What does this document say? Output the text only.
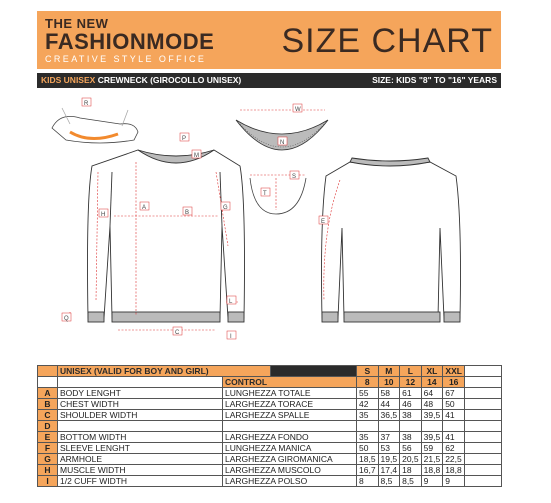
THE NEW
FASHIONMODE
CREATIVE STYLE OFFICE SIZE CHART
KIDS UNISEX CREWNECK (GIROCOLLO UNISEX)	SIZE: KIDS "8" TO "16" YEARS
R
P
M
W
N
S
T
A
B
G
H
E
L
I
Q
C
	UNISEX (VALID FOR BOY AND GIRL)			S	M	L	XL	XXL	
		CONTROL		8	10	12	14	16	
A	BODY LENGHT	LUNGHEZZA TOTALE		55	58	61	64	67	
B	CHEST WIDTH	LARGHEZZA TORACE		42	44	46	48	50	
C	SHOULDER WIDTH	LARGHEZZA SPALLE		35	36,5	38	39,5	41	
D									
E	BOTTOM WIDTH	LARGHEZZA FONDO		35	37	38	39,5	41	
F	SLEEVE LENGHT	LUNGHEZZA MANICA		50	53	56	59	62	
G	ARMHOLE	LARGHEZZA GIROMANICA		18,5	19,5	20,5	21,5	22,5	
H	MUSCLE WIDTH	LARGHEZZA MUSCOLO		16,7	17,4	18	18,8	18,8	
I	1/2 CUFF WIDTH	LARGHEZZA POLSO		8	8,5	8,5	9	9	
